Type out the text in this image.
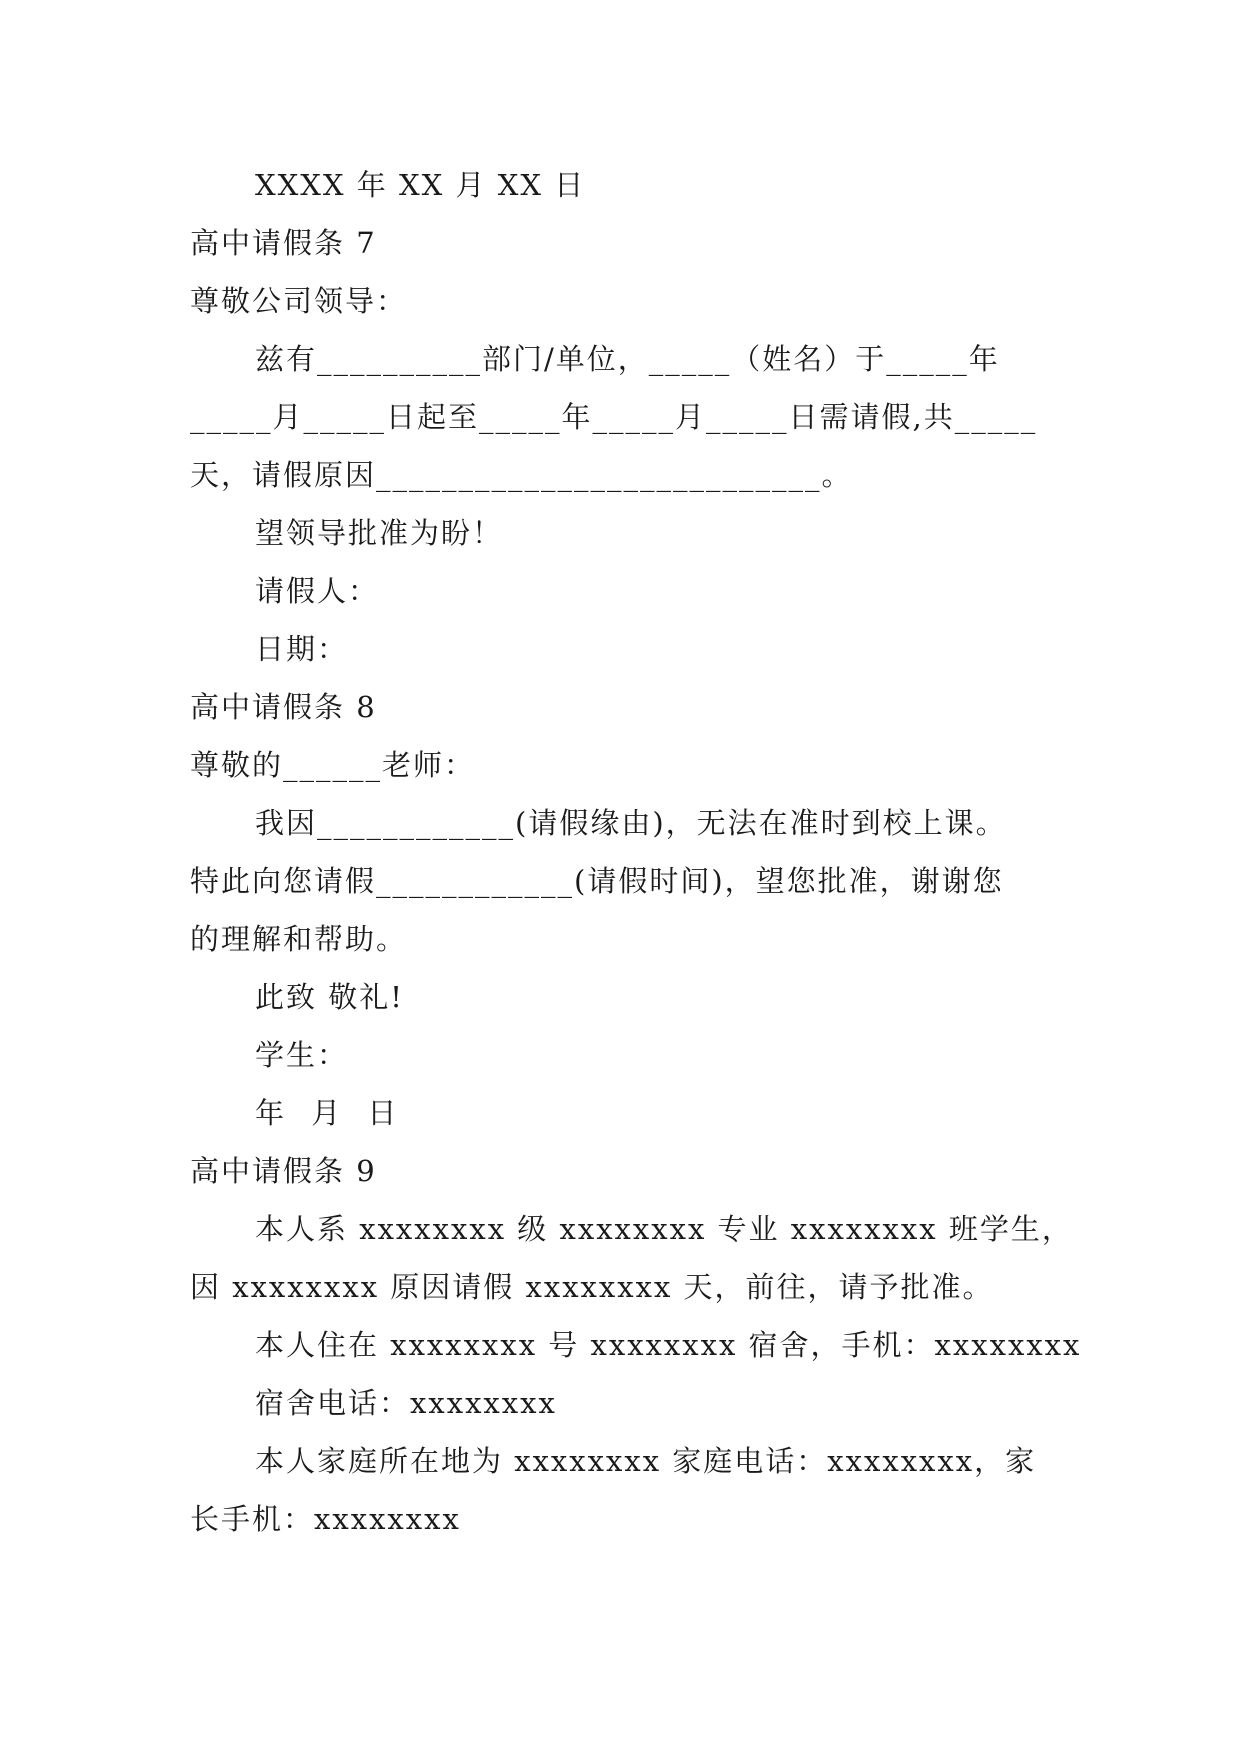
XXXX 年 XX 月 XX 日
高中请假条 7
尊敬公司领导：
兹有__________部门/单位，_____（姓名）于_____年
_____月_____日起至_____年_____月_____日需请假,共_____
天，请假原因___________________________。
望领导批准为盼！
请假人：
日期：
高中请假条 8
尊敬的______老师：
我因____________(请假缘由)，无法在准时到校上课。
特此向您请假____________(请假时间)，望您批准，谢谢您
的理解和帮助。
此致 敬礼!
学生：
年 月 日
高中请假条 9
本人系 xxxxxxxx 级 xxxxxxxx 专业 xxxxxxxx 班学生，
因 xxxxxxxx 原因请假 xxxxxxxx 天，前往，请予批准。
本人住在 xxxxxxxx 号 xxxxxxxx 宿舍，手机：xxxxxxxx
宿舍电话：xxxxxxxx
本人家庭所在地为 xxxxxxxx 家庭电话：xxxxxxxx，家
长手机：xxxxxxxx
